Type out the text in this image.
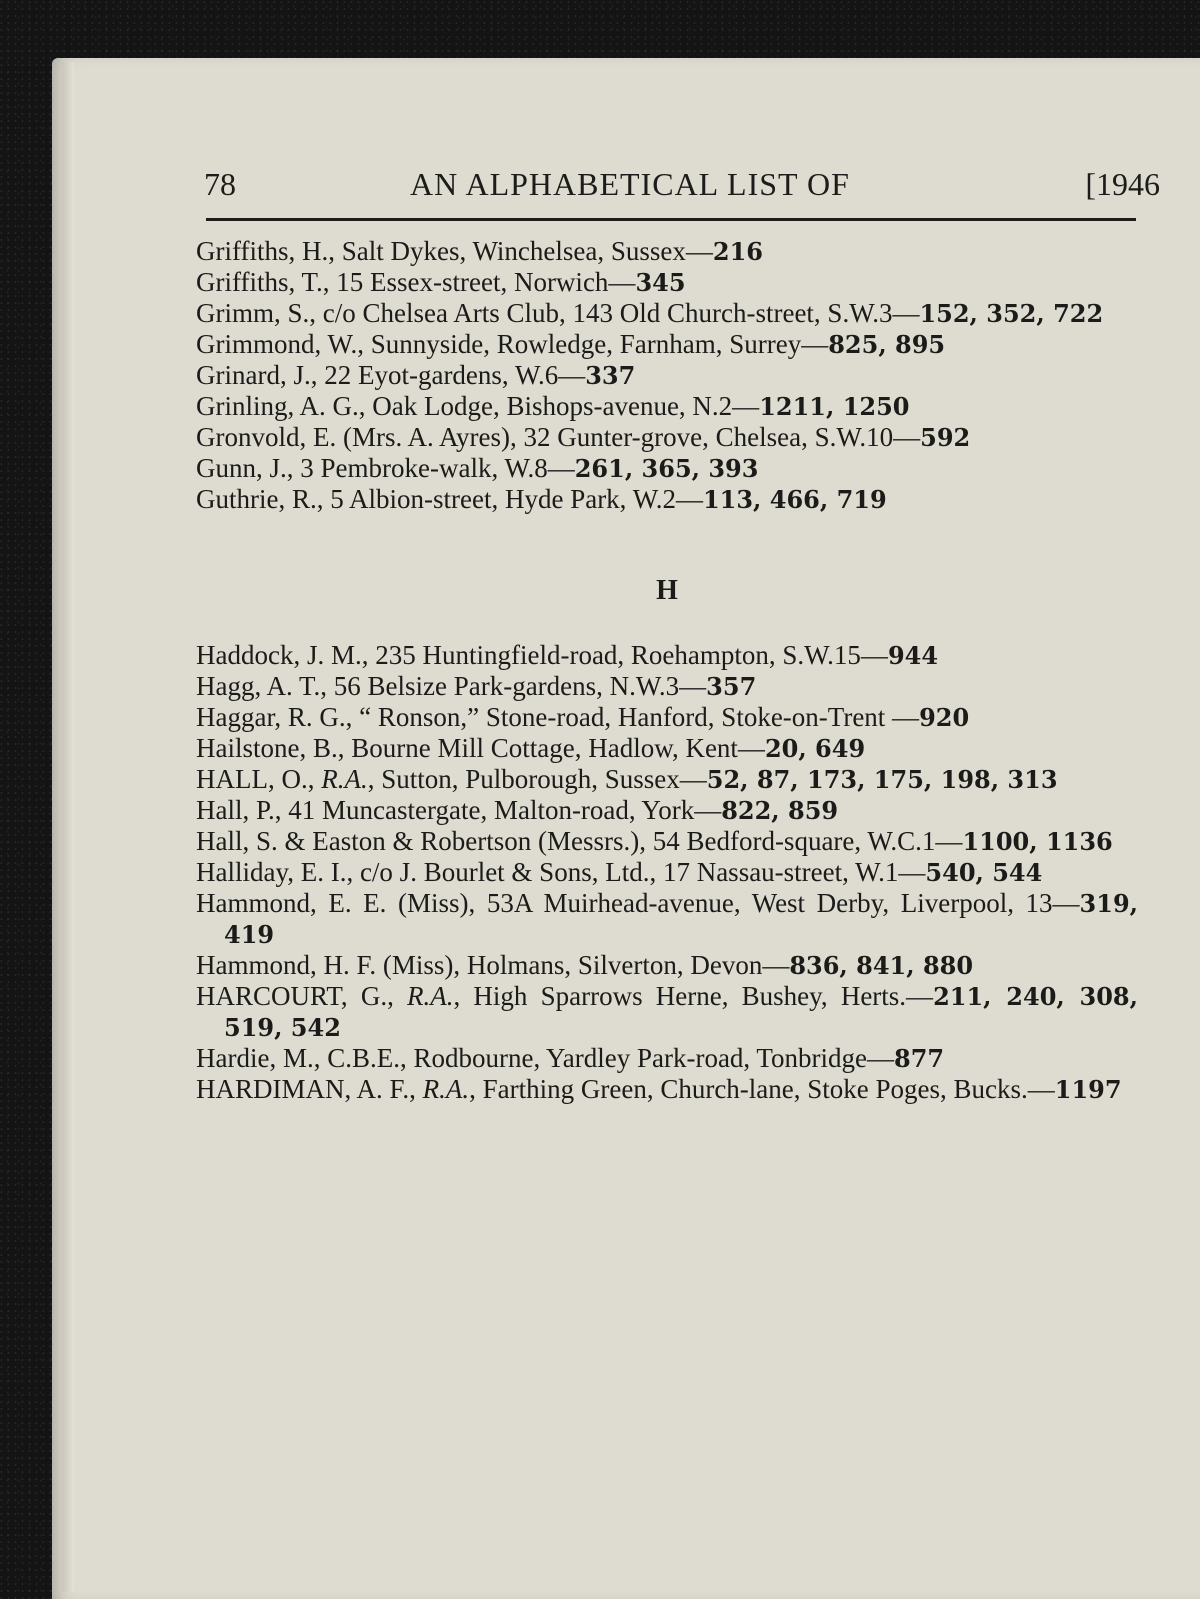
78	AN ALPHABETICAL LIST OF	[1946

Griffiths, H., Salt Dykes, Winchelsea, Sussex—216

Griffiths, T., 15 Essex-street, Norwich—345

Grimm, S., c/o Chelsea Arts Club, 143 Old Church-street, S.W.3—152, 352, 722

Grimmond, W., Sunnyside, Rowledge, Farnham, Surrey—825, 895

Grinard, J., 22 Eyot-gardens, W.6—337

Grinling, A. G., Oak Lodge, Bishops-avenue, N.2—1211, 1250

Gronvold, E. (Mrs. A. Ayres), 32 Gunter-grove, Chelsea, S.W.10—592

Gunn, J., 3 Pembroke-walk, W.8—261, 365, 393

Guthrie, R., 5 Albion-street, Hyde Park, W.2—113, 466, 719

H

Haddock, J. M., 235 Huntingfield-road, Roehampton, S.W.15—944

Hagg, A. T., 56 Belsize Park-gardens, N.W.3—357

Haggar, R. G., “ Ronson,” Stone-road, Hanford, Stoke-on-Trent —920

Hailstone, B., Bourne Mill Cottage, Hadlow, Kent—20, 649

HALL, O., R.A., Sutton, Pulborough, Sussex—52, 87, 173, 175, 198, 313

Hall, P., 41 Muncastergate, Malton-road, York—822, 859

Hall, S. & Easton & Robertson (Messrs.), 54 Bedford-square, W.C.1—1100, 1136

Halliday, E. I., c/o J. Bourlet & Sons, Ltd., 17 Nassau-street, W.1—540, 544

Hammond, E. E. (Miss), 53A Muirhead-avenue, West Derby, Liverpool, 13—319, 419

Hammond, H. F. (Miss), Holmans, Silverton, Devon—836, 841, 880

HARCOURT, G., R.A., High Sparrows Herne, Bushey, Herts.—211, 240, 308, 519, 542

Hardie, M., C.B.E., Rodbourne, Yardley Park-road, Tonbridge—877

HARDIMAN, A. F., R.A., Farthing Green, Church-lane, Stoke Poges, Bucks.—1197
